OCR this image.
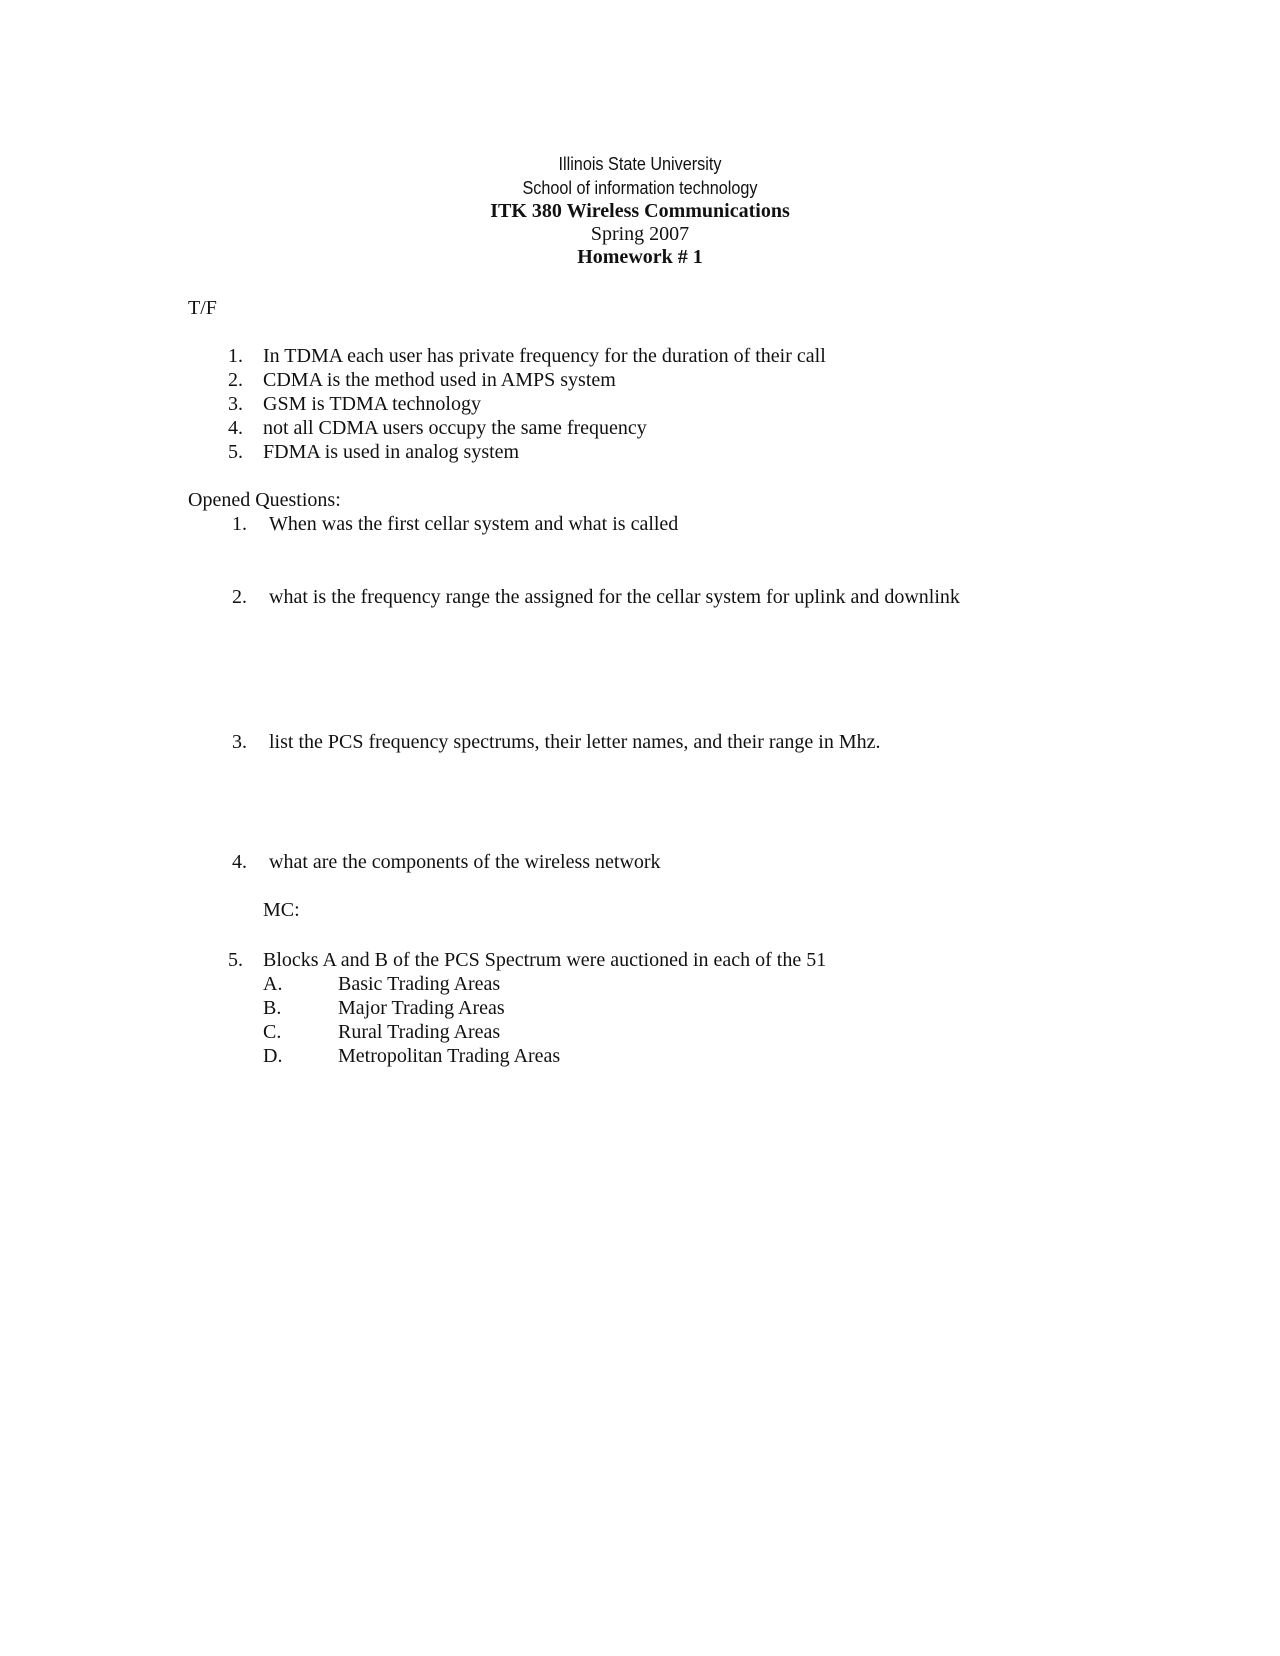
Illinois State University
School of information technology
ITK 380 Wireless Communications
Spring 2007
Homework # 1
T/F
1. In TDMA each user has private frequency for the duration of their call
2. CDMA is the method used in AMPS system
3. GSM is TDMA technology
4. not all CDMA users occupy the same frequency
5. FDMA is used in analog system
Opened Questions:
1. When was the first cellar system and what is called
2. what is the frequency range the assigned for the cellar system for uplink and downlink
3. list the PCS frequency spectrums, their letter names, and their range in Mhz.
4. what are the components of the wireless network
MC:
5. Blocks A and B of the PCS Spectrum were auctioned in each of the 51
A.	Basic Trading Areas
B.	Major Trading Areas
C.	Rural Trading Areas
D.	Metropolitan Trading Areas
